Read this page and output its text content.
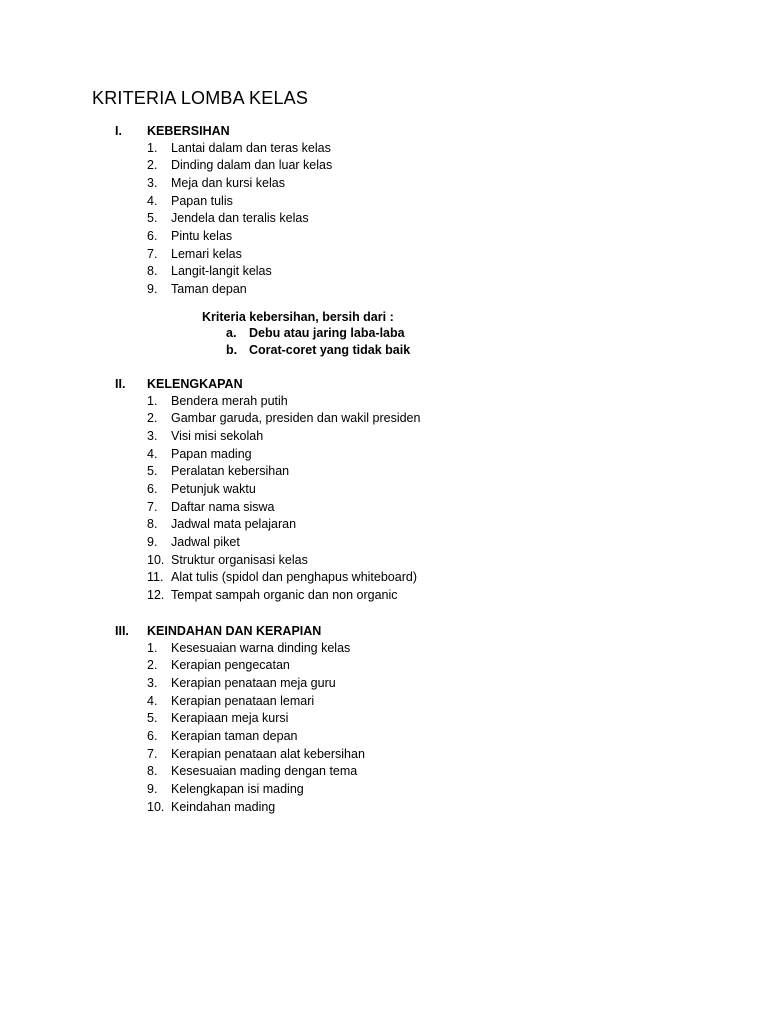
KRITERIA LOMBA KELAS
I. KEBERSIHAN
1. Lantai dalam dan teras kelas
2. Dinding dalam dan luar kelas
3. Meja dan kursi kelas
4. Papan tulis
5. Jendela dan teralis kelas
6. Pintu kelas
7. Lemari kelas
8. Langit-langit kelas
9. Taman depan
Kriteria kebersihan, bersih dari :
a. Debu atau jaring laba-laba
b. Corat-coret yang tidak baik
II. KELENGKAPAN
1. Bendera merah putih
2. Gambar garuda, presiden dan wakil presiden
3. Visi misi sekolah
4. Papan mading
5. Peralatan kebersihan
6. Petunjuk waktu
7. Daftar nama siswa
8. Jadwal mata pelajaran
9. Jadwal piket
10. Struktur organisasi kelas
11. Alat tulis (spidol dan penghapus whiteboard)
12. Tempat sampah organic dan non organic
III. KEINDAHAN DAN KERAPIAN
1. Kesesuaian warna dinding kelas
2. Kerapian pengecatan
3. Kerapian penataan meja guru
4. Kerapian penataan lemari
5. Kerapiaan meja kursi
6. Kerapian taman depan
7. Kerapian penataan alat kebersihan
8. Kesesuaian mading dengan tema
9. Kelengkapan isi mading
10. Keindahan mading
